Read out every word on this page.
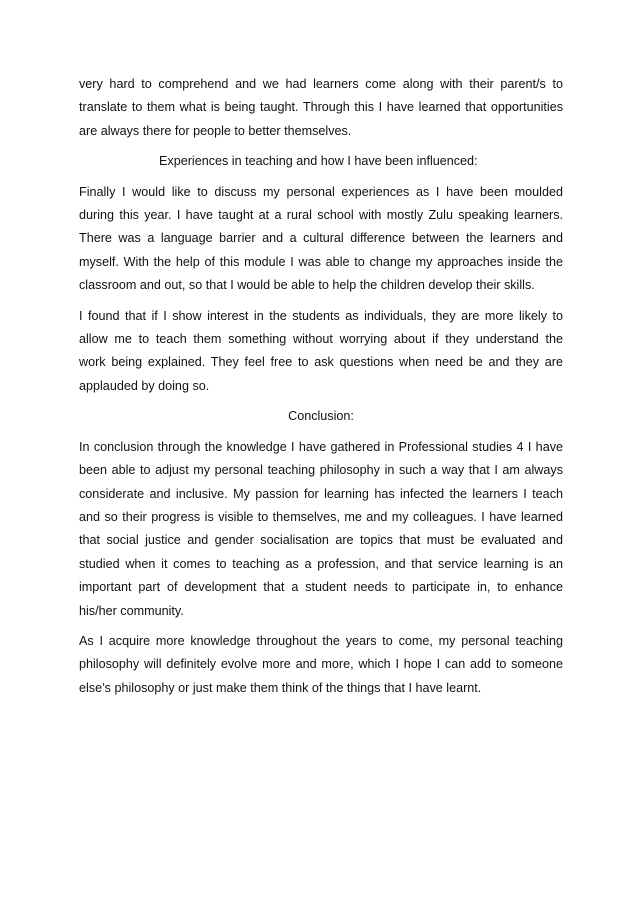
very hard to comprehend and we had learners come along with their parent/s to
translate to them what is being taught. Through this I have learned that opportunities
are always there for people to better themselves.

Experiences in teaching and how I have been influenced:

Finally I would like to discuss my personal experiences as I have been moulded
during this year. I have taught at a rural school with mostly Zulu speaking learners.
There was a language barrier and a cultural difference between the learners and
myself. With the help of this module I was able to change my approaches inside the
classroom and out, so that I would be able to help the children develop their skills.

I found that if I show interest in the students as individuals, they are more likely to
allow me to teach them something without worrying about if they understand the
work being explained. They feel free to ask questions when need be and they are
applauded by doing so.

Conclusion:

In conclusion through the knowledge I have gathered in Professional studies 4 I have
been able to adjust my personal teaching philosophy in such a way that I am always
considerate and inclusive. My passion for learning has infected the learners I teach
and so their progress is visible to themselves, me and my colleagues. I have learned
that social justice and gender socialisation are topics that must be evaluated and
studied when it comes to teaching as a profession, and that service learning is an
important part of development that a student needs to participate in, to enhance
his/her community.

As I acquire more knowledge throughout the years to come, my personal teaching
philosophy will definitely evolve more and more, which I hope I can add to someone
else’s philosophy or just make them think of the things that I have learnt.
